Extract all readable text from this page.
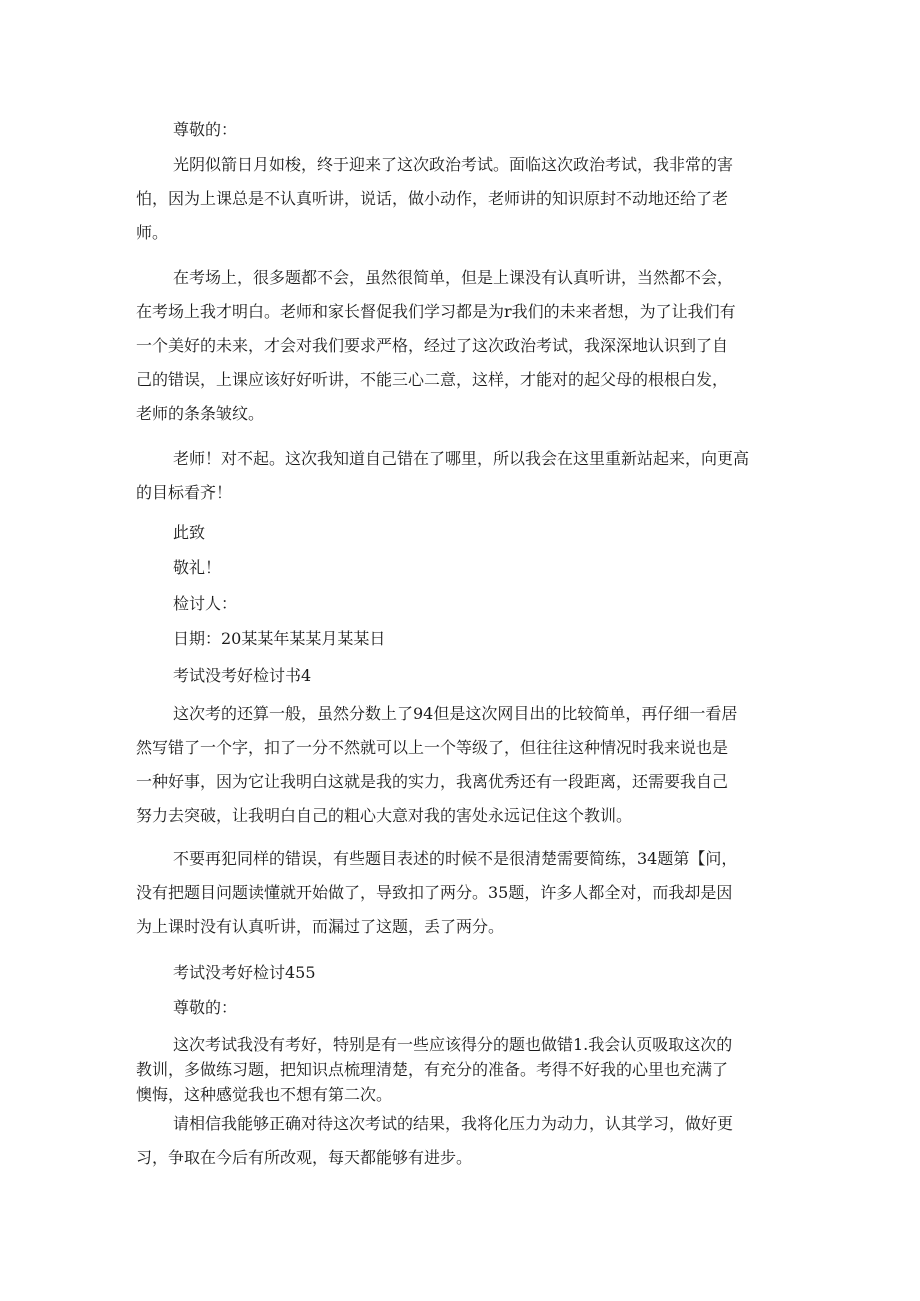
尊敬的：

光阴似箭日月如梭，终于迎来了这次政治考试。面临这次政治考试，我非常的害
怕，因为上课总是不认真听讲，说话，做小动作，老师讲的知识原封不动地还给了老
师。

在考场上，很多题都不会，虽然很简单，但是上课没有认真听讲，当然都不会，
在考场上我才明白。老师和家长督促我们学习都是为r我们的未来者想，为了让我们有
一个美好的未来，才会对我们要求严格，经过了这次政治考试，我深深地认识到了自
己的错误，上课应该好好听讲，不能三心二意，这样，才能对的起父母的根根白发，
老师的条条皱纹。

老师！对不起。这次我知道自己错在了哪里，所以我会在这里重新站起来，向更高
的目标看齐！

此致

敬礼！

检讨人：

日期：20某某年某某月某某日

考试没考好检讨书4

这次考的还算一般，虽然分数上了94但是这次网目出的比较简单，再仔细一看居
然写错了一个字，扣了一分不然就可以上一个等级了，但往往这种情况时我来说也是
一种好事，因为它让我明白这就是我的实力，我离优秀还有一段距离，还需要我自己
努力去突破，让我明白自己的粗心大意对我的害处永远记住这个教训。

不要再犯同样的错误，有些题目表述的时候不是很清楚需要简练，34题第【问，
没有把题目问题读懂就开始做了，导致扣了两分。35题，许多人都全对，而我却是因
为上课时没有认真听讲，而漏过了这题，丢了两分。

考试没考好检讨455

尊敬的：

这次考试我没有考好，特别是有一些应该得分的题也做错1.我会认页吸取这次的
教训，多做练习题，把知识点梳理清楚，有充分的准备。考得不好我的心里也充满了
懊悔，这种感觉我也不想有第二次。

请相信我能够正确对待这次考试的结果，我将化压力为动力，认其学习，做好更
习，争取在今后有所改观，每天都能够有进步。
